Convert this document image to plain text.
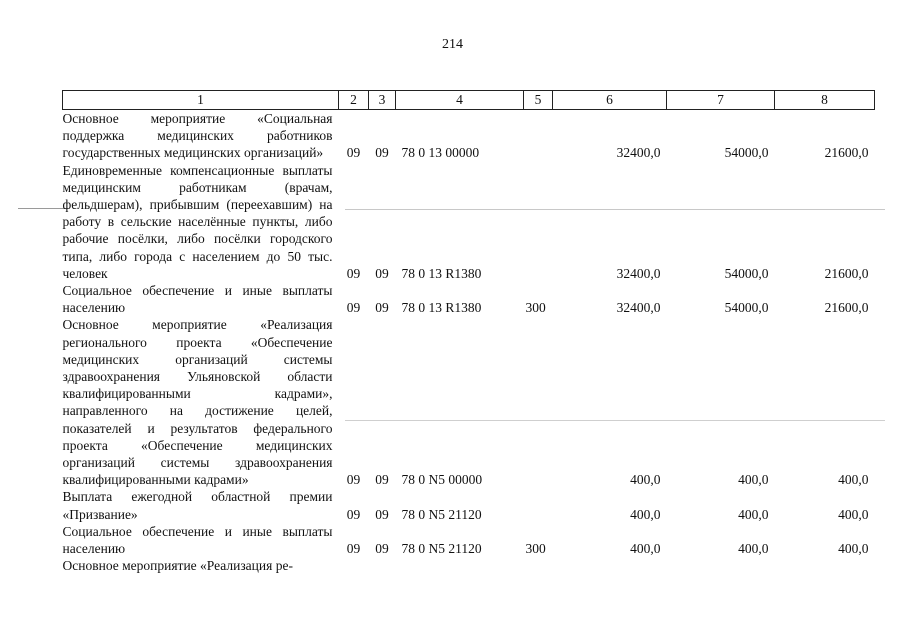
214
1	2	3	4	5	6	7	8
Основное мероприятие «Социальная поддержка медицинских работников государственных медицинских организаций»	09	09	78 0 13 00000		32400,0	54000,0	21600,0
Единовременные компенсационные выплаты медицинским работникам (врачам, фельдшерам), прибывшим (переехавшим) на работу в сельские населённые пункты, либо рабочие посёлки, либо посёлки городского типа, либо города с населением до 50 тыс. человек	09	09	78 0 13 R1380		32400,0	54000,0	21600,0
Социальное обеспечение и иные выплаты населению	09	09	78 0 13 R1380	300	32400,0	54000,0	21600,0
Основное мероприятие «Реализация регионального проекта «Обеспечение медицинских организаций системы здравоохранения Ульяновской области квалифицированными кадрами», направленного на достижение целей, показателей и результатов федерального проекта «Обеспечение медицинских организаций системы здравоохранения квалифицированными кадрами»	09	09	78 0 N5 00000		400,0	400,0	400,0
Выплата ежегодной областной премии «Призвание»	09	09	78 0 N5 21120		400,0	400,0	400,0
Социальное обеспечение и иные выплаты населению	09	09	78 0 N5 21120	300	400,0	400,0	400,0
Основное мероприятие «Реализация ре-							
